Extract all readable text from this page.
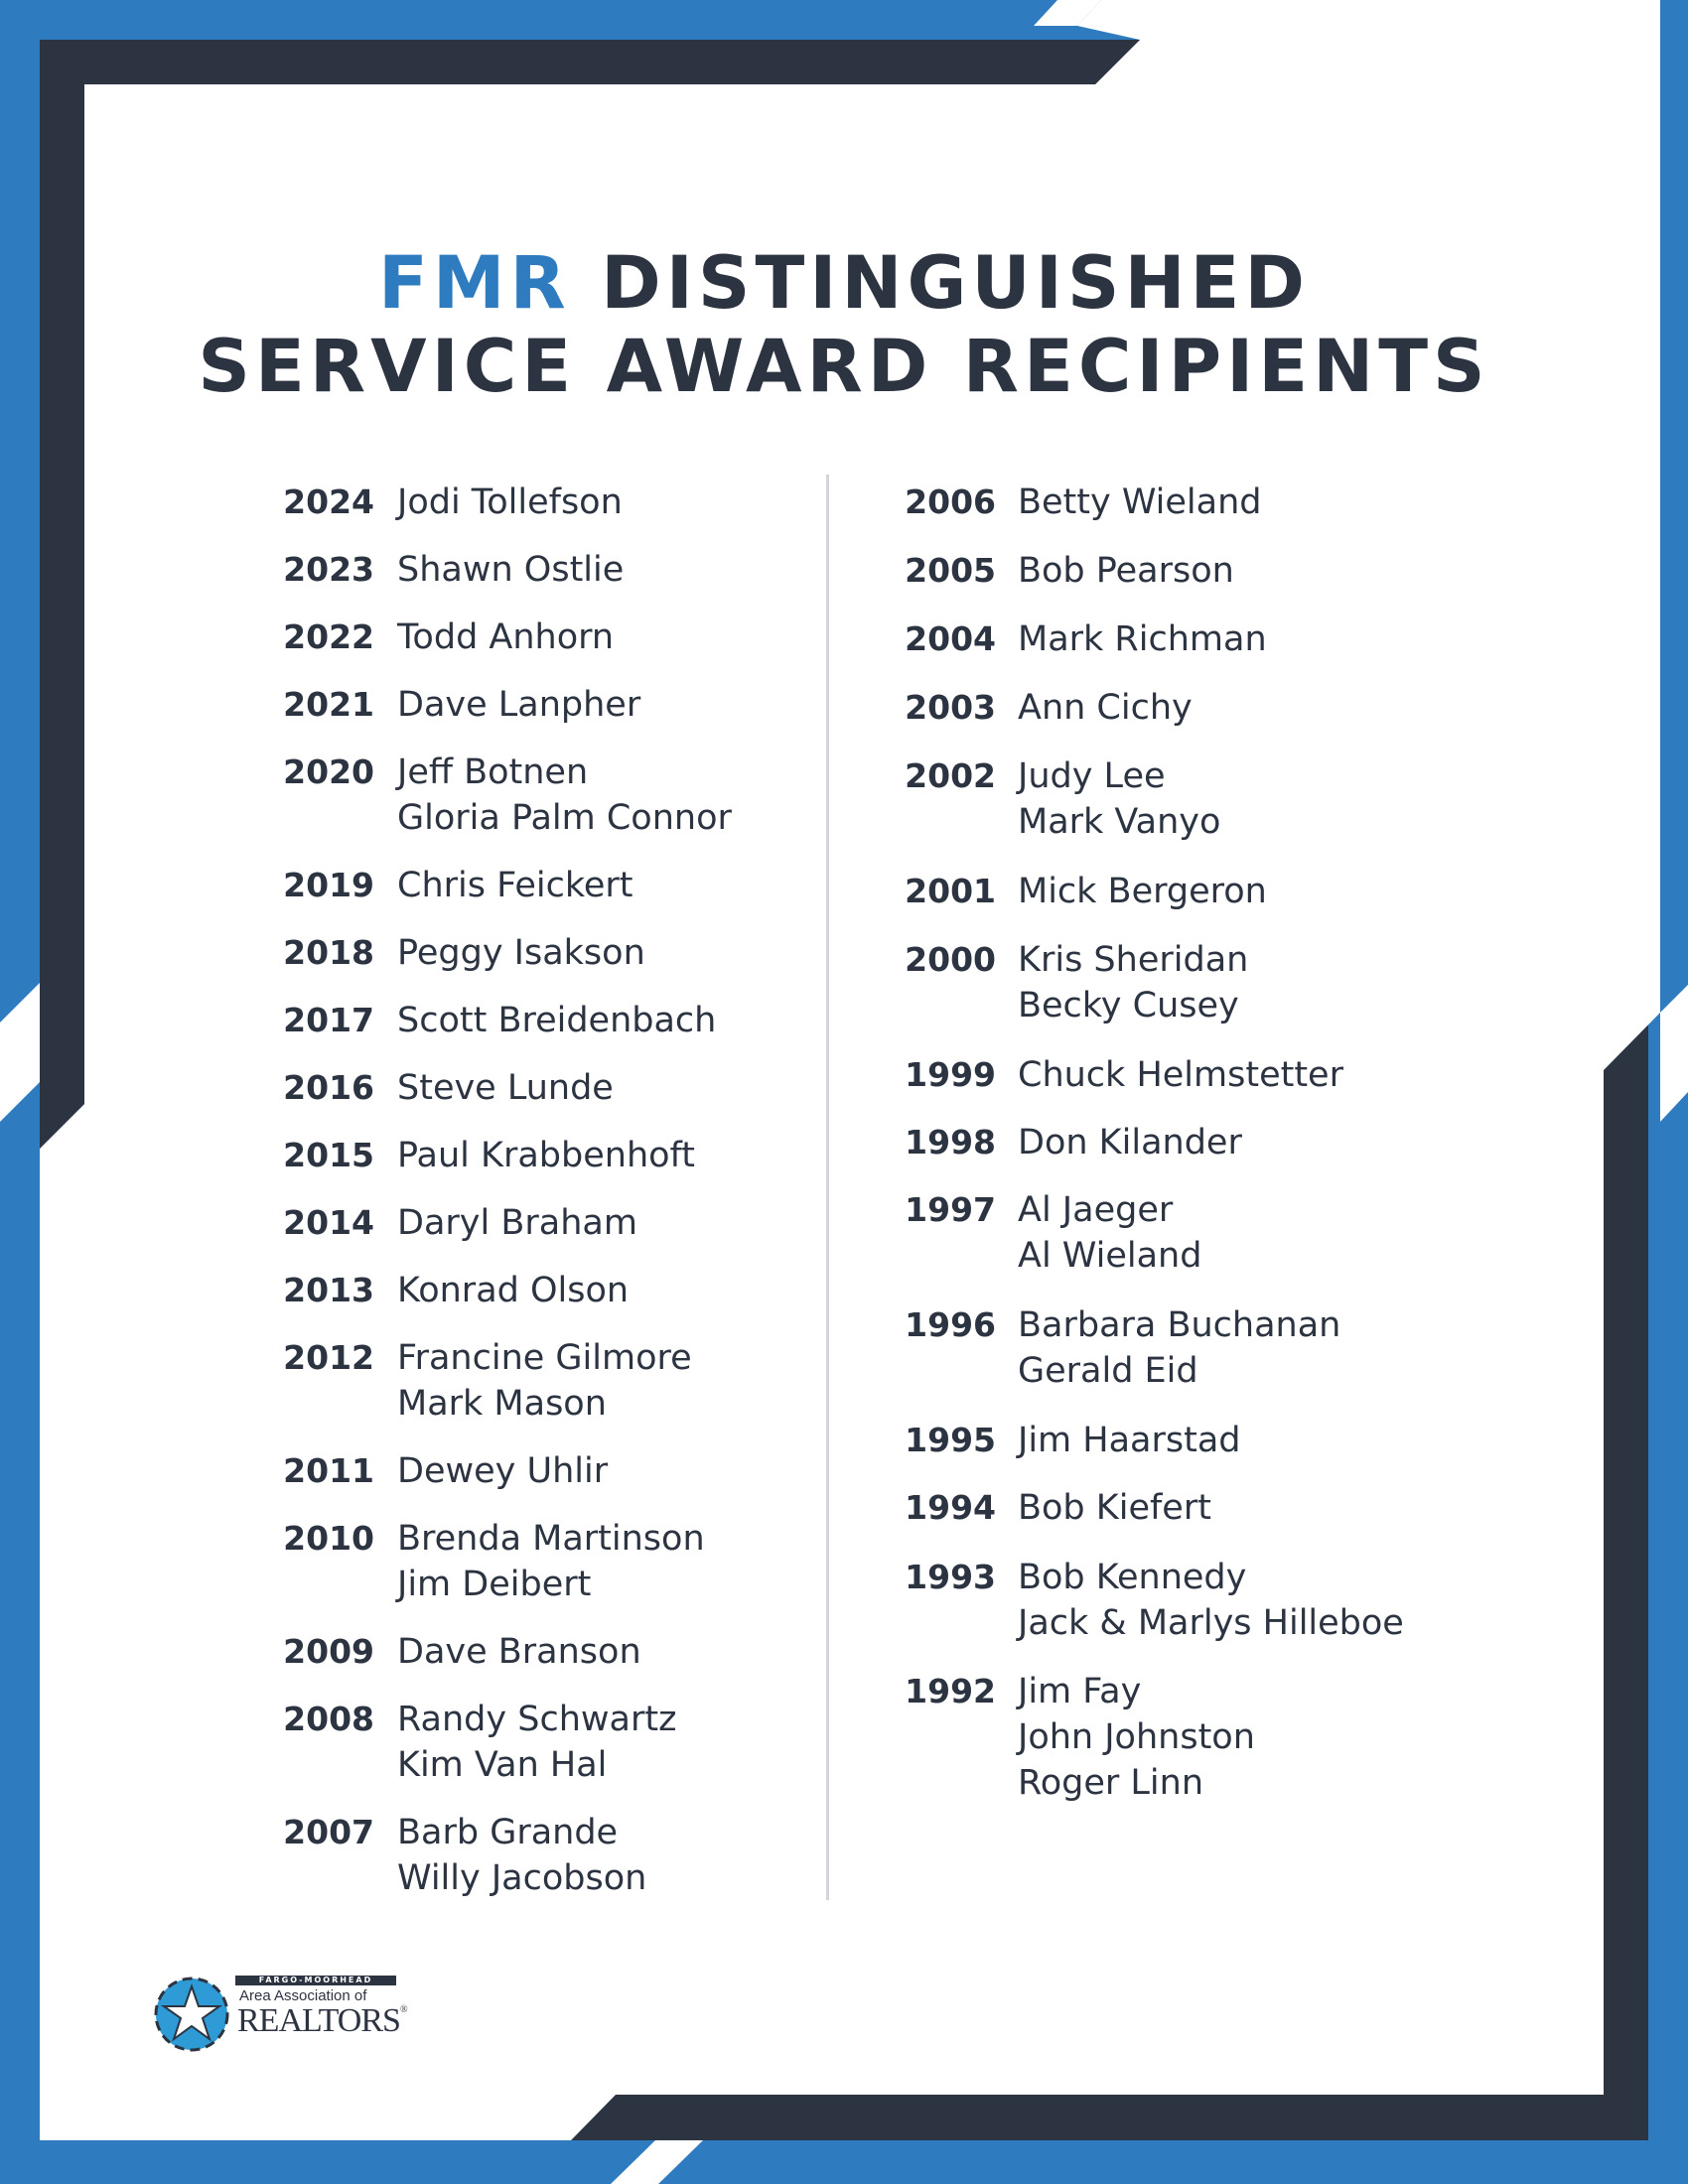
FMR DISTINGUISHED
SERVICE AWARD RECIPIENTS
2024 Jodi Tollefson
2023 Shawn Ostlie
2022 Todd Anhorn
2021 Dave Lanpher
2020 Jeff Botnen
Gloria Palm Connor
2019 Chris Feickert
2018 Peggy Isakson
2017 Scott Breidenbach
2016 Steve Lunde
2015 Paul Krabbenhoft
2014 Daryl Braham
2013 Konrad Olson
2012 Francine Gilmore
Mark Mason
2011 Dewey Uhlir
2010 Brenda Martinson
Jim Deibert
2009 Dave Branson
2008 Randy Schwartz
Kim Van Hal
2007 Barb Grande
Willy Jacobson
2006 Betty Wieland
2005 Bob Pearson
2004 Mark Richman
2003 Ann Cichy
2002 Judy Lee
Mark Vanyo
2001 Mick Bergeron
2000 Kris Sheridan
Becky Cusey
1999 Chuck Helmstetter
1998 Don Kilander
1997 Al Jaeger
Al Wieland
1996 Barbara Buchanan
Gerald Eid
1995 Jim Haarstad
1994 Bob Kiefert
1993 Bob Kennedy
Jack & Marlys Hilleboe
1992 Jim Fay
John Johnston
Roger Linn
FARGO-MOORHEAD
Area Association of
REALTORS®
